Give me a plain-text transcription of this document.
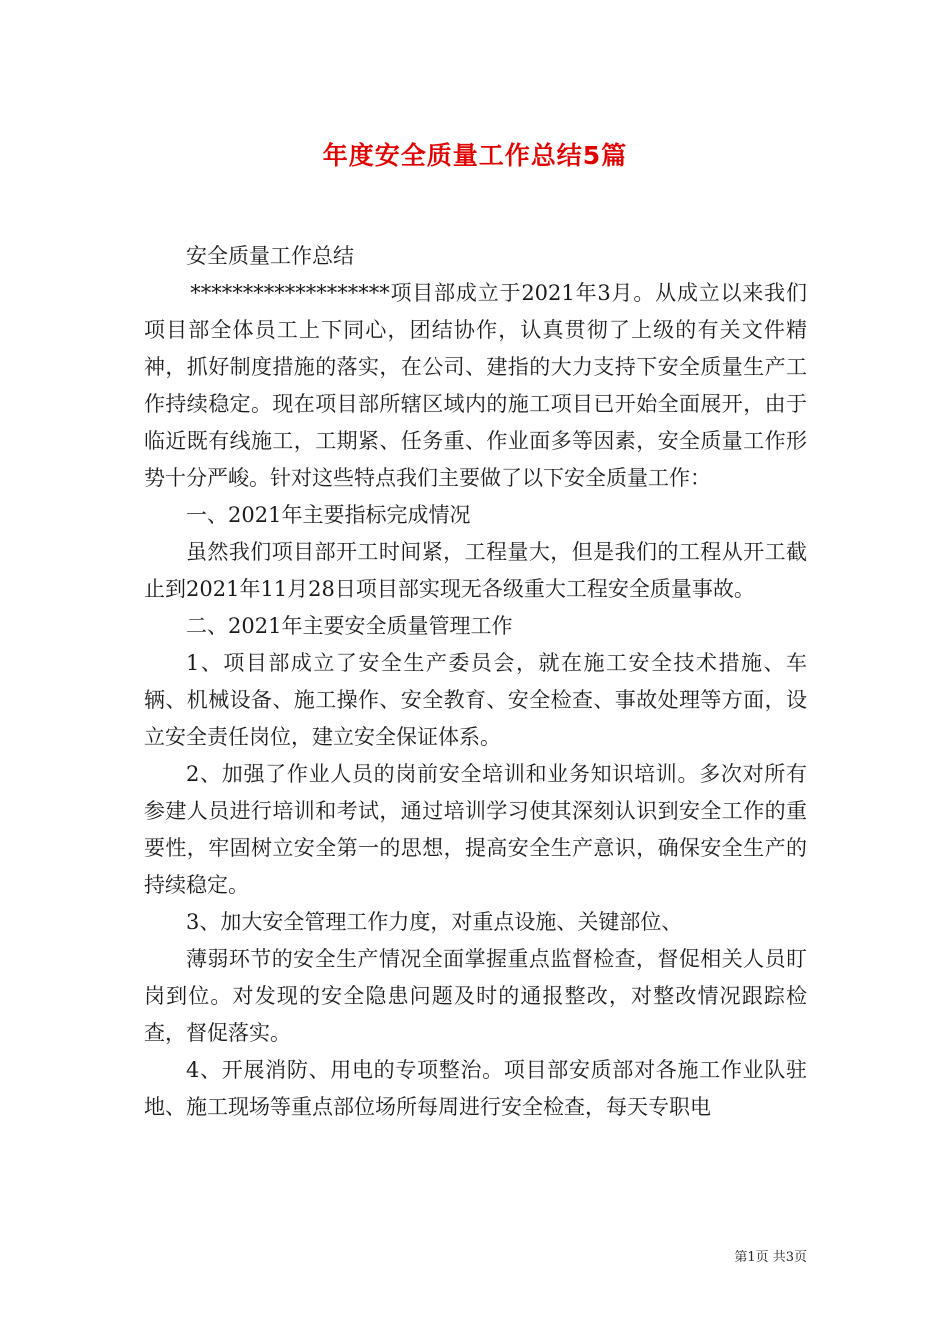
年度安全质量工作总结5篇

安全质量工作总结

*******************项目部成立于2021年3月。从成立以来我们项目部全体员工上下同心，团结协作，认真贯彻了上级的有关文件精神，抓好制度措施的落实，在公司、建指的大力支持下安全质量生产工作持续稳定。现在项目部所辖区域内的施工项目已开始全面展开，由于临近既有线施工，工期紧、任务重、作业面多等因素，安全质量工作形势十分严峻。针对这些特点我们主要做了以下安全质量工作：

一、2021年主要指标完成情况

虽然我们项目部开工时间紧，工程量大，但是我们的工程从开工截止到2021年11月28日项目部实现无各级重大工程安全质量事故。

二、2021年主要安全质量管理工作

1、项目部成立了安全生产委员会，就在施工安全技术措施、车辆、机械设备、施工操作、安全教育、安全检查、事故处理等方面，设立安全责任岗位，建立安全保证体系。

2、加强了作业人员的岗前安全培训和业务知识培训。多次对所有参建人员进行培训和考试，通过培训学习使其深刻认识到安全工作的重要性，牢固树立安全第一的思想，提高安全生产意识，确保安全生产的持续稳定。

3、加大安全管理工作力度，对重点设施、关键部位、

薄弱环节的安全生产情况全面掌握重点监督检查，督促相关人员盯岗到位。对发现的安全隐患问题及时的通报整改，对整改情况跟踪检查，督促落实。

4、开展消防、用电的专项整治。项目部安质部对各施工作业队驻地、施工现场等重点部位场所每周进行安全检查，每天专职电

第1页 共3页
